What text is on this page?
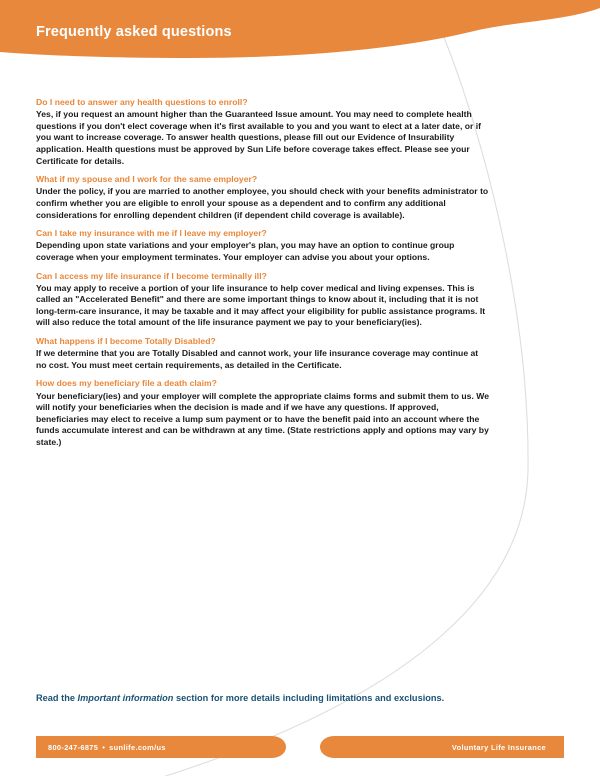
Frequently asked questions

Do I need to answer any health questions to enroll?

Yes, if you request an amount higher than the Guaranteed Issue amount. You may need to complete health questions if you don't elect coverage when it's first available to you and you want to elect at a later date, or if you want to increase coverage. To answer health questions, please fill out our Evidence of Insurability application. Health questions must be approved by Sun Life before coverage takes effect. Please see your Certificate for details.

What if my spouse and I work for the same employer?

Under the policy, if you are married to another employee, you should check with your benefits administrator to confirm whether you are eligible to enroll your spouse as a dependent and to confirm any additional considerations for enrolling dependent children (if dependent child coverage is available).

Can I take my insurance with me if I leave my employer?

Depending upon state variations and your employer's plan, you may have an option to continue group coverage when your employment terminates. Your employer can advise you about your options.

Can I access my life insurance if I become terminally ill?

You may apply to receive a portion of your life insurance to help cover medical and living expenses. This is called an "Accelerated Benefit" and there are some important things to know about it, including that it is not long-term-care insurance, it may be taxable and it may affect your eligibility for public assistance programs. It will also reduce the total amount of the life insurance payment we pay to your beneficiary(ies).

What happens if I become Totally Disabled?

If we determine that you are Totally Disabled and cannot work, your life insurance coverage may continue at no cost. You must meet certain requirements, as detailed in the Certificate.

How does my beneficiary file a death claim?

Your beneficiary(ies) and your employer will complete the appropriate claims forms and submit them to us. We will notify your beneficiaries when the decision is made and if we have any questions. If approved, beneficiaries may elect to receive a lump sum payment or to have the benefit paid into an account where the funds accumulate interest and can be withdrawn at any time. (State restrictions apply and options may vary by state.)

Read the Important information section for more details including limitations and exclusions.
800-247-6875 • sunlife.com/us	Voluntary Life Insurance
